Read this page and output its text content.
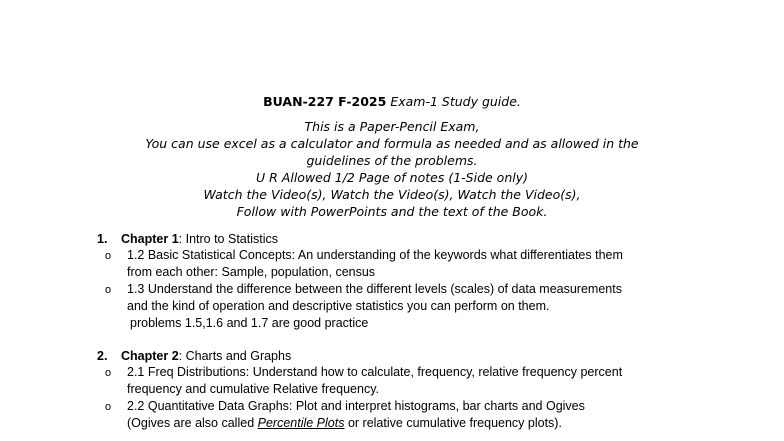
BUAN-227 F-2025 Exam-1 Study guide.
This is a Paper-Pencil Exam,
You can use excel as a calculator and formula as needed and as allowed in the
guidelines of the problems.
U R Allowed 1/2 Page of notes (1-Side only)
Watch the Video(s), Watch the Video(s), Watch the Video(s),
Follow with PowerPoints and the text of the Book.
1. Chapter 1: Intro to Statistics
o 1.2 Basic Statistical Concepts: An understanding of the keywords what differentiates them
from each other: Sample, population, census
o 1.3 Understand the difference between the different levels (scales) of data measurements
and the kind of operation and descriptive statistics you can perform on them.
problems 1.5,1.6 and 1.7 are good practice
2. Chapter 2: Charts and Graphs
o 2.1 Freq Distributions: Understand how to calculate, frequency, relative frequency percent
frequency and cumulative Relative frequency.
o 2.2 Quantitative Data Graphs: Plot and interpret histograms, bar charts and Ogives
(Ogives are also called Percentile Plots or relative cumulative frequency plots).
